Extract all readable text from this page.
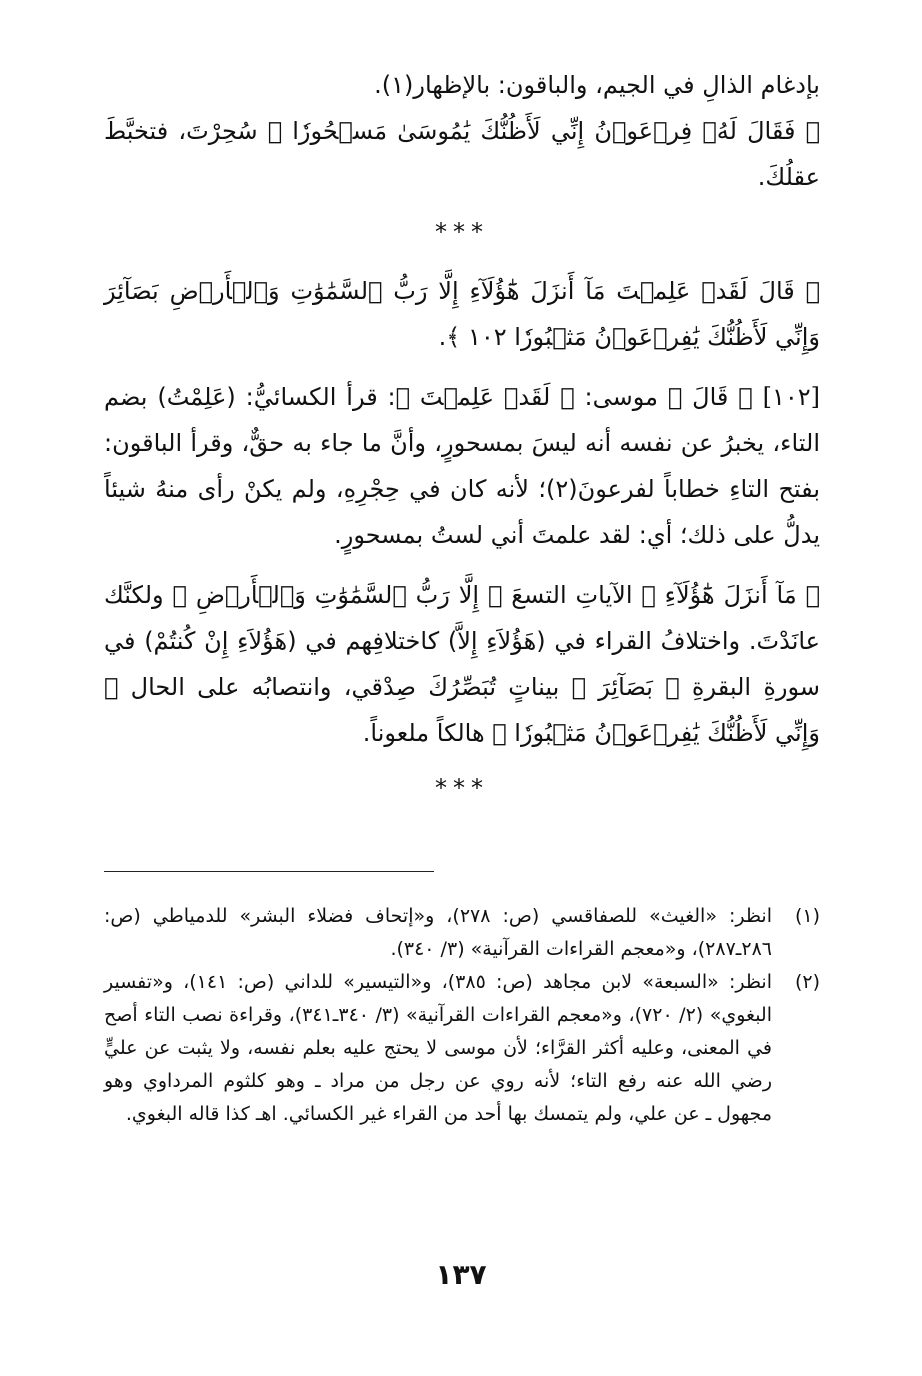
بإدغام الذالِ في الجيم، والباقون: بالإظهار(١).

﴿ فَقَالَ لَهُۥ فِرۡعَوۡنُ إِنِّي لَأَظُنُّكَ يَٰمُوسَىٰ مَسۡحُورٗا ﴾ سُحِرْتَ، فتخبَّطَ عقلُكَ.

***

﴿ قَالَ لَقَدۡ عَلِمۡتَ مَآ أَنزَلَ هَٰٓؤُلَآءِ إِلَّا رَبُّ ٱلسَّمَٰوَٰتِ وَٱلۡأَرۡضِ بَصَآئِرَ وَإِنِّي لَأَظُنُّكَ يَٰفِرۡعَوۡنُ مَثۡبُورٗا ١٠٢ ﴾.

[١٠٢] ﴿ قَالَ ﴾ موسى: ﴿ لَقَدۡ عَلِمۡتَ ﴾: قرأ الكسائيُّ: (عَلِمْتُ) بضم التاء، يخبرُ عن نفسه أنه ليسَ بمسحورٍ، وأنَّ ما جاء به حقٌّ، وقرأ الباقون: بفتح التاءِ خطاباً لفرعونَ(٢)؛ لأنه كان في حِجْرِهِ، ولم يكنْ رأى منهُ شيئاً يدلُّ على ذلك؛ أي: لقد علمتَ أني لستُ بمسحورٍ.

﴿ مَآ أَنزَلَ هَٰٓؤُلَآءِ ﴾ الآياتِ التسعَ ﴿ إِلَّا رَبُّ ٱلسَّمَٰوَٰتِ وَٱلۡأَرۡضِ ﴾ ولكنَّك عانَدْتَ. واختلافُ القراء في (هَؤُلاَءِ إِلاَّ) كاختلافِهم في (هَؤُلاَءِ إِنْ كُنتُمْ) في سورةِ البقرةِ ﴿ بَصَآئِرَ ﴾ بيناتٍ تُبَصِّرُكَ صِدْقي، وانتصابُه على الحال ﴿ وَإِنِّي لَأَظُنُّكَ يَٰفِرۡعَوۡنُ مَثۡبُورٗا ﴾ هالكاً ملعوناً.

***
(١)
انظر: «الغيث» للصفاقسي (ص: ٢٧٨)، و«إتحاف فضلاء البشر» للدمياطي (ص: ٢٨٦ـ٢٨٧)، و«معجم القراءات القرآنية» (٣/ ٣٤٠).
(٢)
انظر: «السبعة» لابن مجاهد (ص: ٣٨٥)، و«التيسير» للداني (ص: ١٤١)، و«تفسير البغوي» (٢/ ٧٢٠)، و«معجم القراءات القرآنية» (٣/ ٣٤٠ـ٣٤١)، وقراءة نصب التاء أصح في المعنى، وعليه أكثر القرَّاء؛ لأن موسى لا يحتج عليه بعلم نفسه، ولا يثبت عن عليٍّ رضي الله عنه رفع التاء؛ لأنه روي عن رجل من مراد ـ وهو كلثوم المرداوي وهو مجهول ـ عن علي، ولم يتمسك بها أحد من القراء غير الكسائي. اهـ كذا قاله البغوي.
١٣٧
